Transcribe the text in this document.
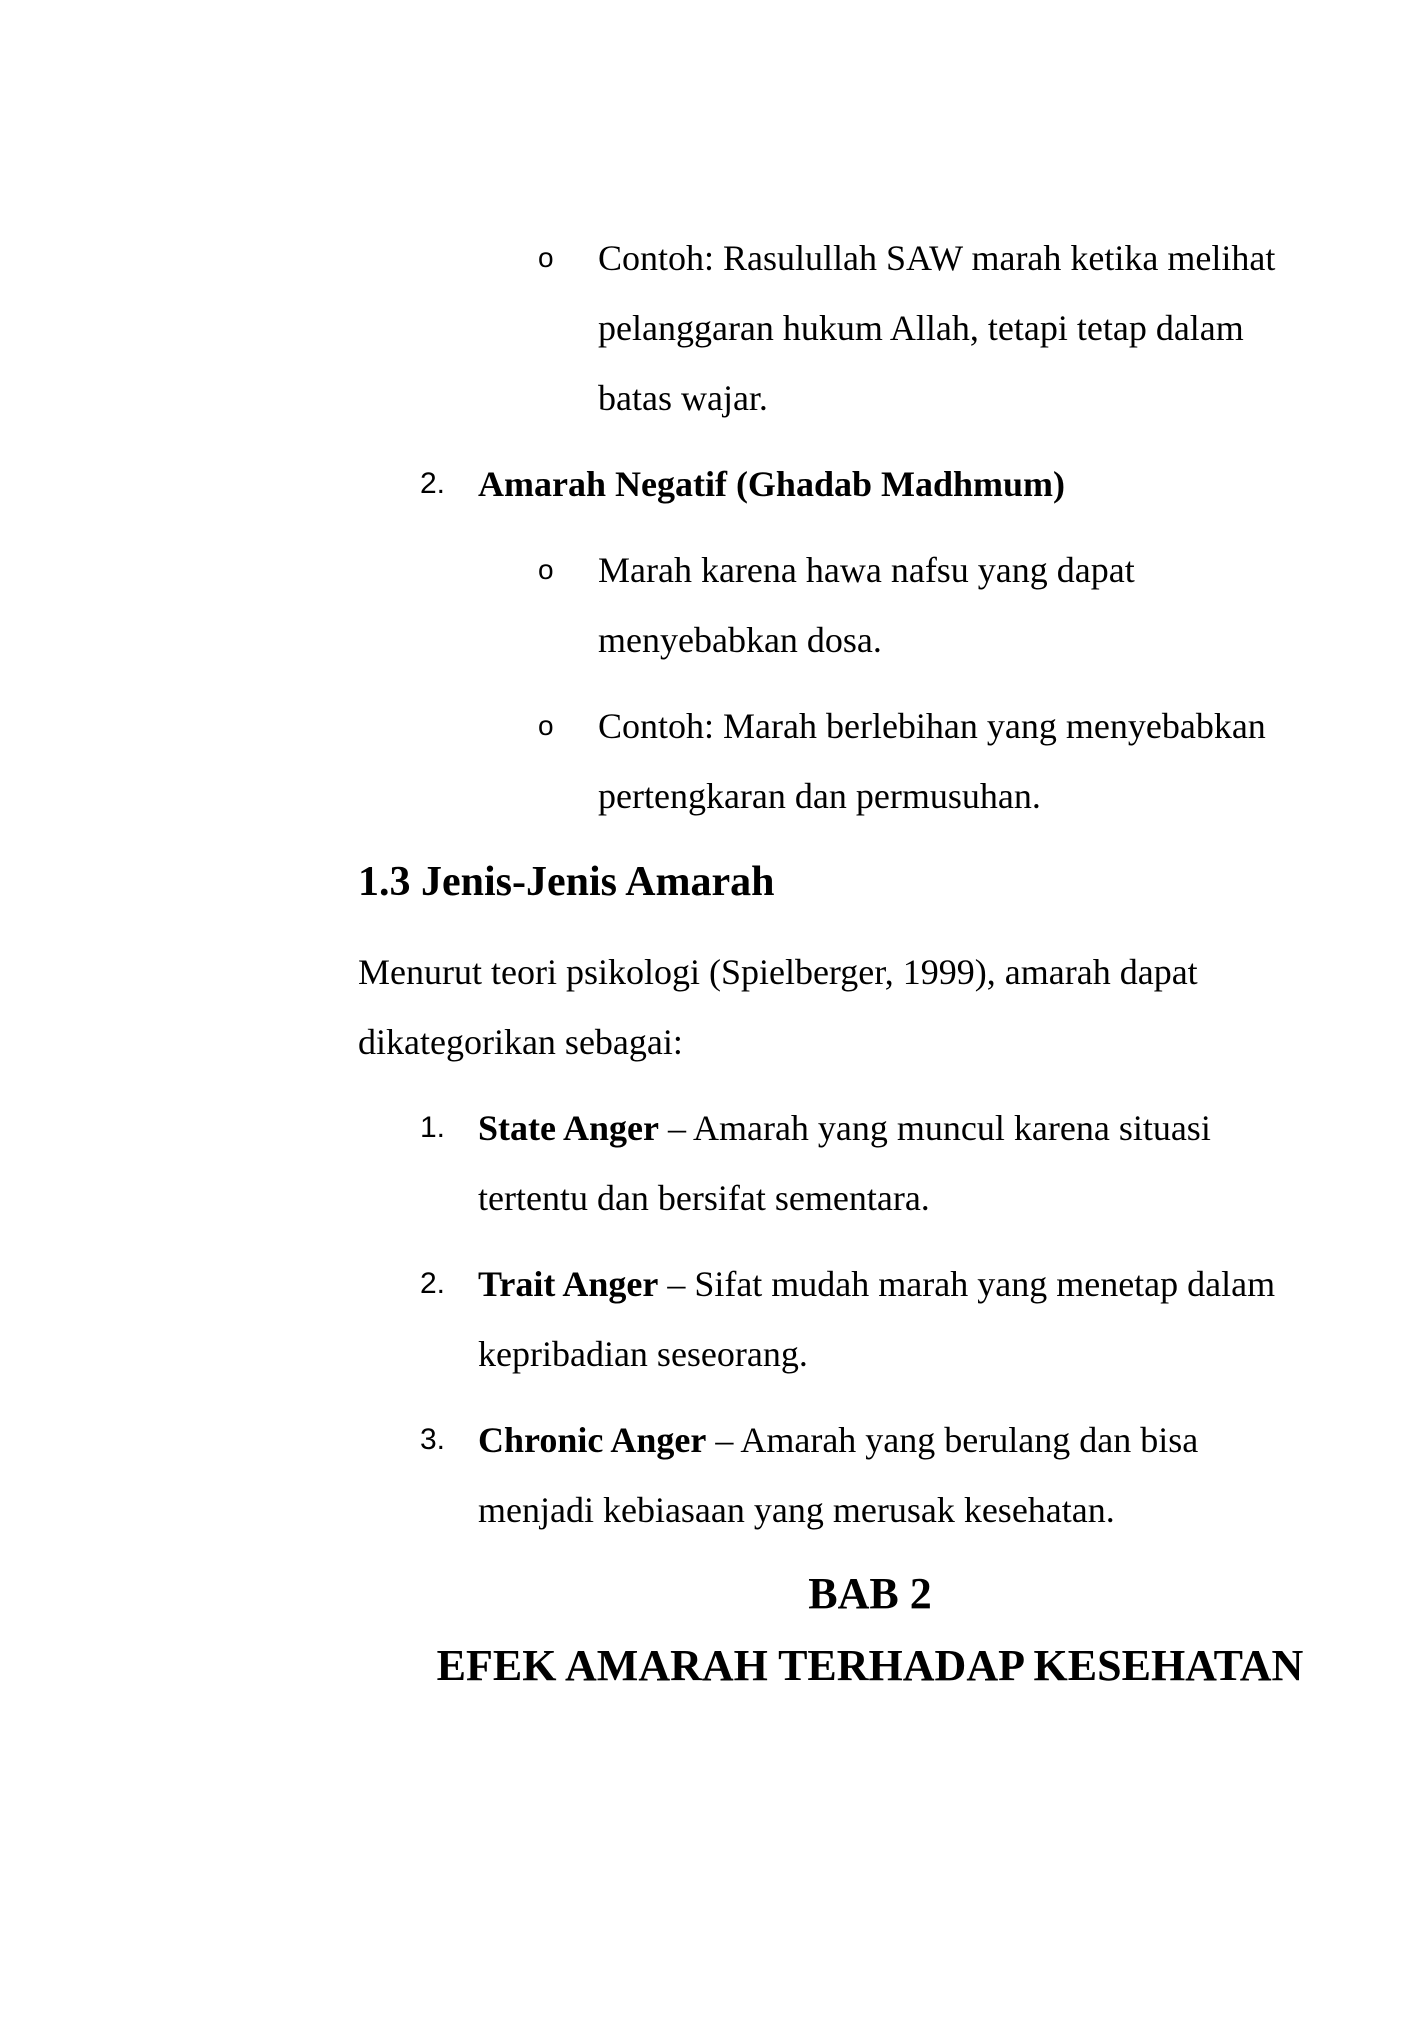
o Contoh: Rasulullah SAW marah ketika melihat
pelanggaran hukum Allah, tetapi tetap dalam
batas wajar.
2. Amarah Negatif (Ghadab Madhmum)
o Marah karena hawa nafsu yang dapat
menyebabkan dosa.
o Contoh: Marah berlebihan yang menyebabkan
pertengkaran dan permusuhan.
1.3 Jenis-Jenis Amarah
Menurut teori psikologi (Spielberger, 1999), amarah dapat
dikategorikan sebagai:
1. State Anger – Amarah yang muncul karena situasi
tertentu dan bersifat sementara.
2. Trait Anger – Sifat mudah marah yang menetap dalam
kepribadian seseorang.
3. Chronic Anger – Amarah yang berulang dan bisa
menjadi kebiasaan yang merusak kesehatan.
BAB 2
EFEK AMARAH TERHADAP KESEHATAN
